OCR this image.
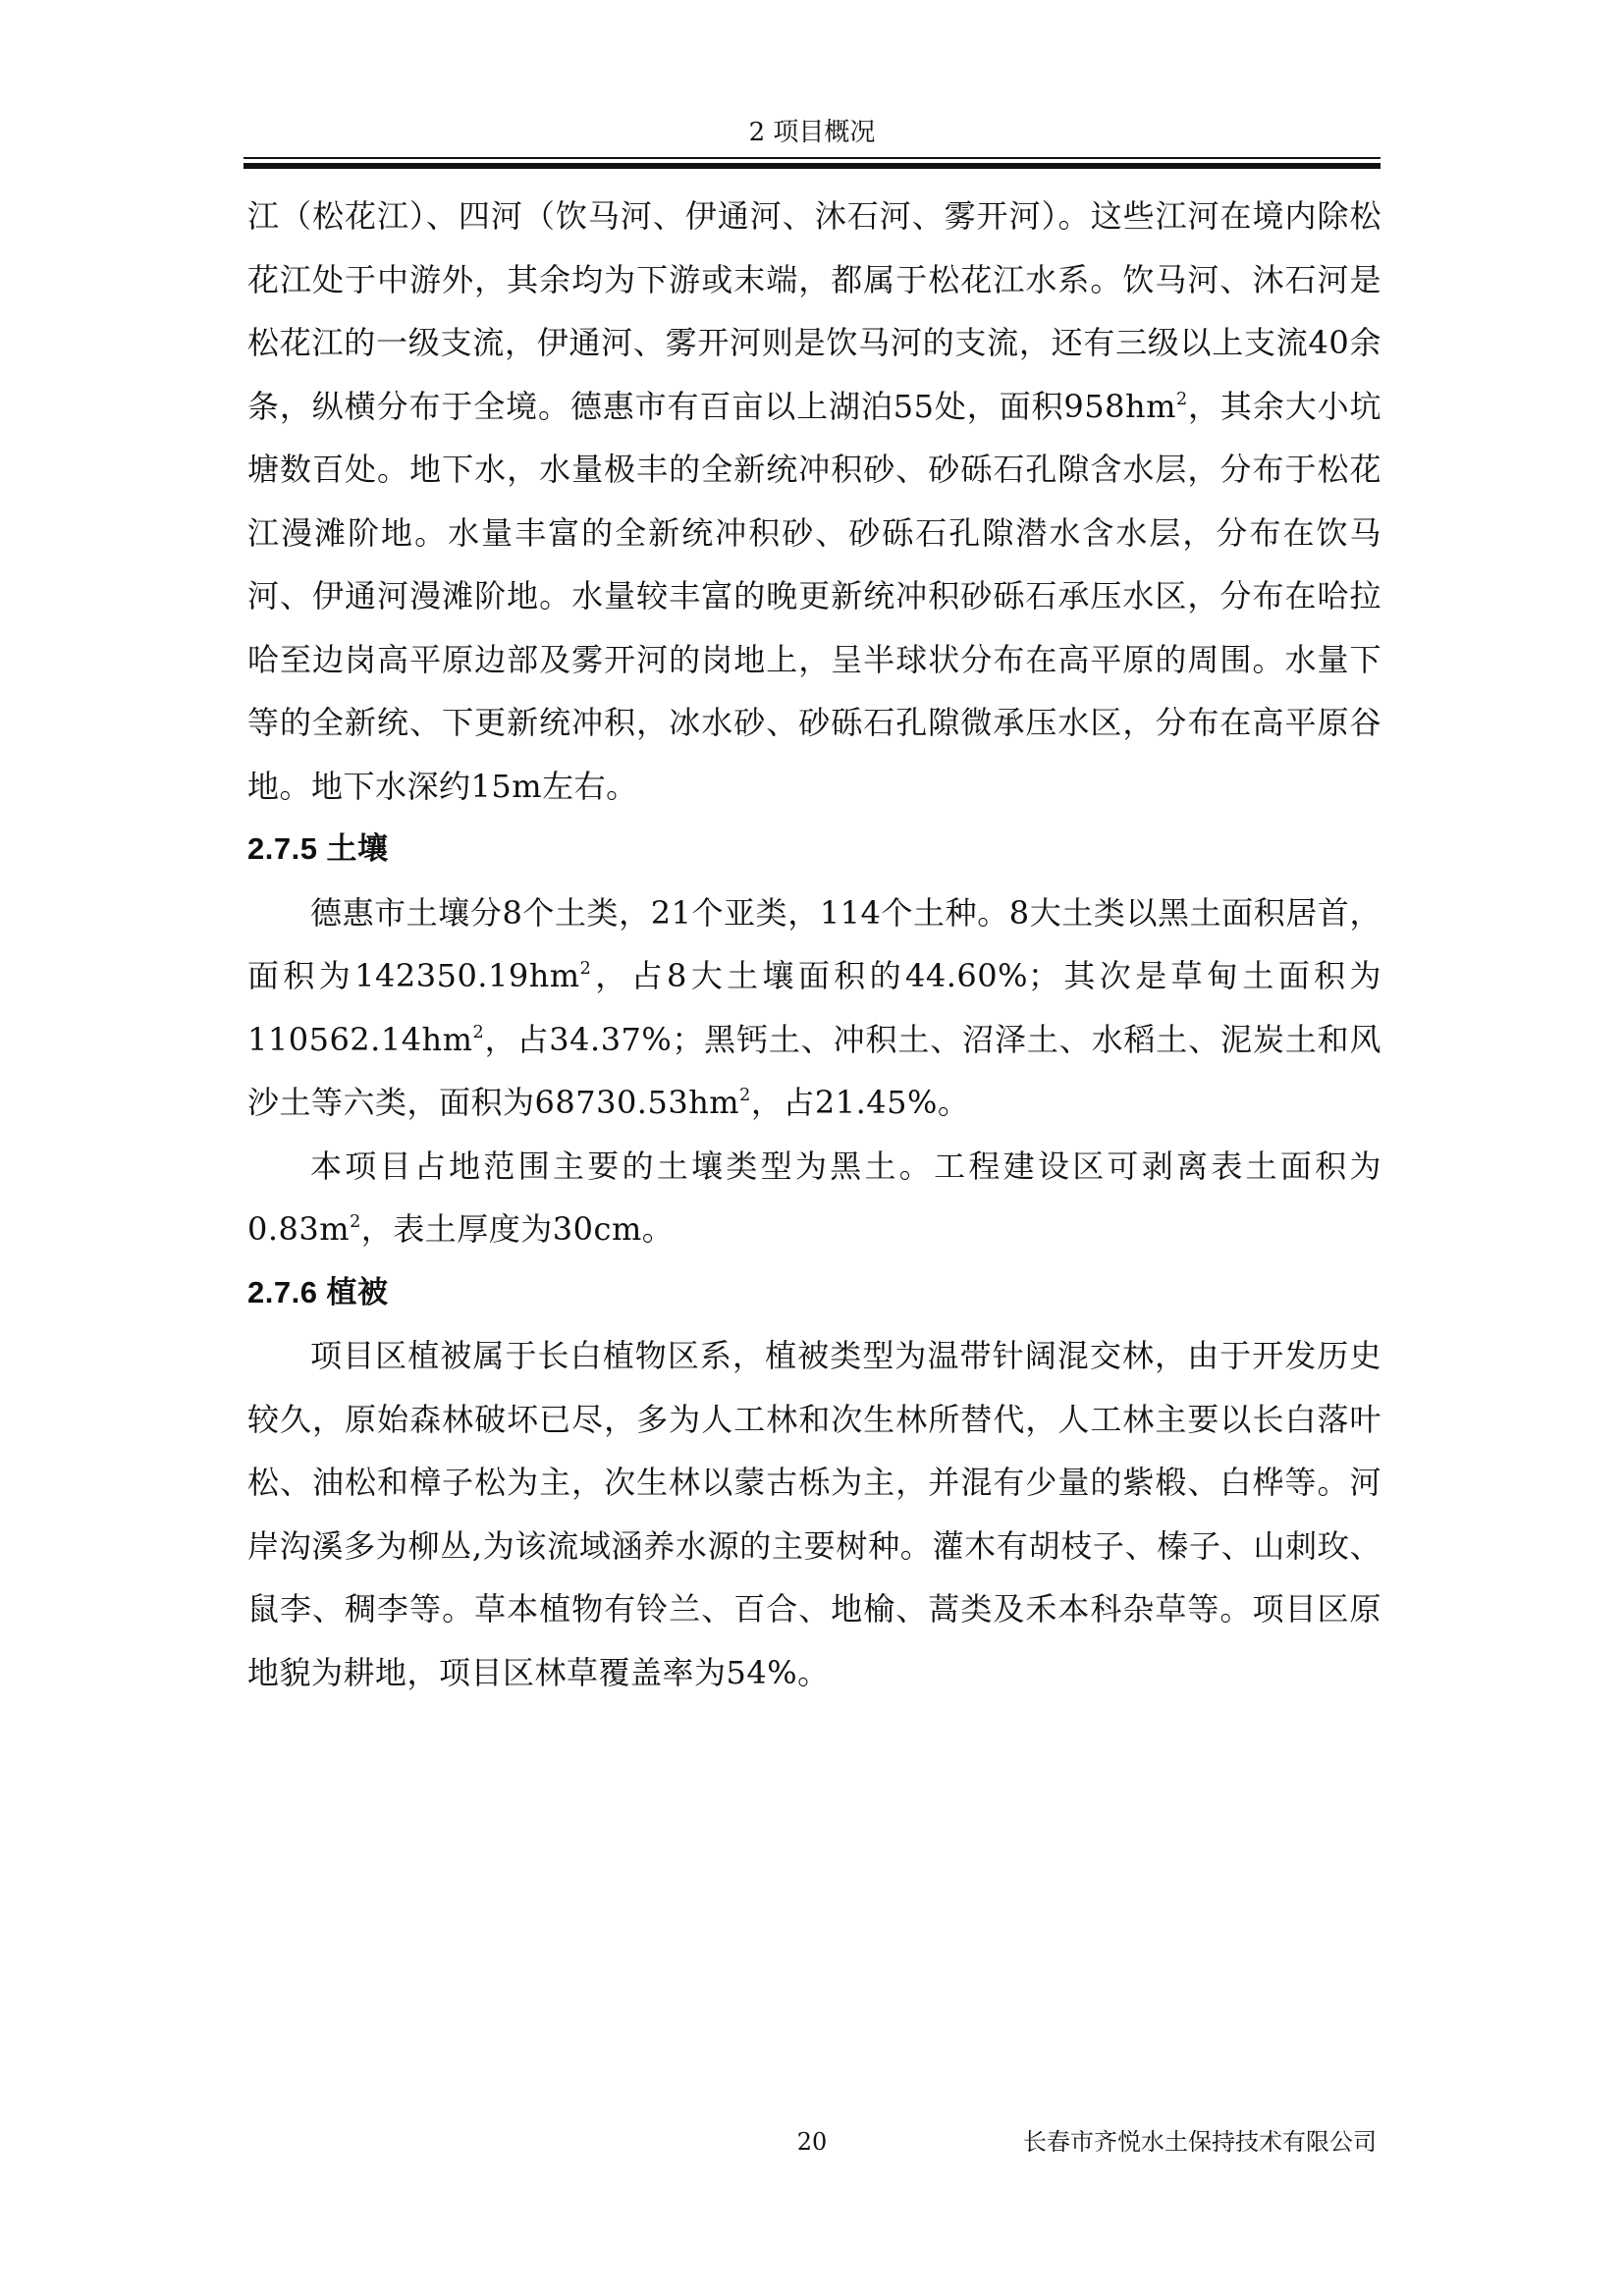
2 项目概况

江（松花江）、四河（饮马河、伊通河、沐石河、雾开河）。这些江河在境内除松花江处于中游外，其余均为下游或末端，都属于松花江水系。饮马河、沐石河是松花江的一级支流，伊通河、雾开河则是饮马河的支流，还有三级以上支流40余条，纵横分布于全境。德惠市有百亩以上湖泊55处，面积$958hm^2$，其余大小坑塘数百处。地下水，水量极丰的全新统冲积砂、砂砾石孔隙含水层，分布于松花江漫滩阶地。水量丰富的全新统冲积砂、砂砾石孔隙潜水含水层，分布在饮马河、伊通河漫滩阶地。水量较丰富的晚更新统冲积砂砾石承压水区，分布在哈拉哈至边岗高平原边部及雾开河的岗地上，呈半球状分布在高平原的周围。水量下等的全新统、下更新统冲积，冰水砂、砂砾石孔隙微承压水区，分布在高平原谷地。地下水深约15m左右。

2.7.5 土壤

德惠市土壤分8个土类，21个亚类，114个土种。8大土类以黑土面积居首，面积为$142350.19hm^2$，占8大土壤面积的44.60%；其次是草甸土面积为$110562.14hm^2$，占34.37%；黑钙土、冲积土、沼泽土、水稻土、泥炭土和风沙土等六类，面积为$68730.53hm^2$，占21.45%。

本项目占地范围主要的土壤类型为黑土。工程建设区可剥离表土面积为$0.83m^2$，表土厚度为30cm。

2.7.6 植被

项目区植被属于长白植物区系，植被类型为温带针阔混交林，由于开发历史较久，原始森林破坏已尽，多为人工林和次生林所替代，人工林主要以长白落叶松、油松和樟子松为主，次生林以蒙古栎为主，并混有少量的紫椴、白桦等。河岸沟溪多为柳丛,为该流域涵养水源的主要树种。灌木有胡枝子、榛子、山刺玫、鼠李、稠李等。草本植物有铃兰、百合、地榆、蒿类及禾本科杂草等。项目区原地貌为耕地，项目区林草覆盖率为54%。

20	长春市齐悦水土保持技术有限公司
